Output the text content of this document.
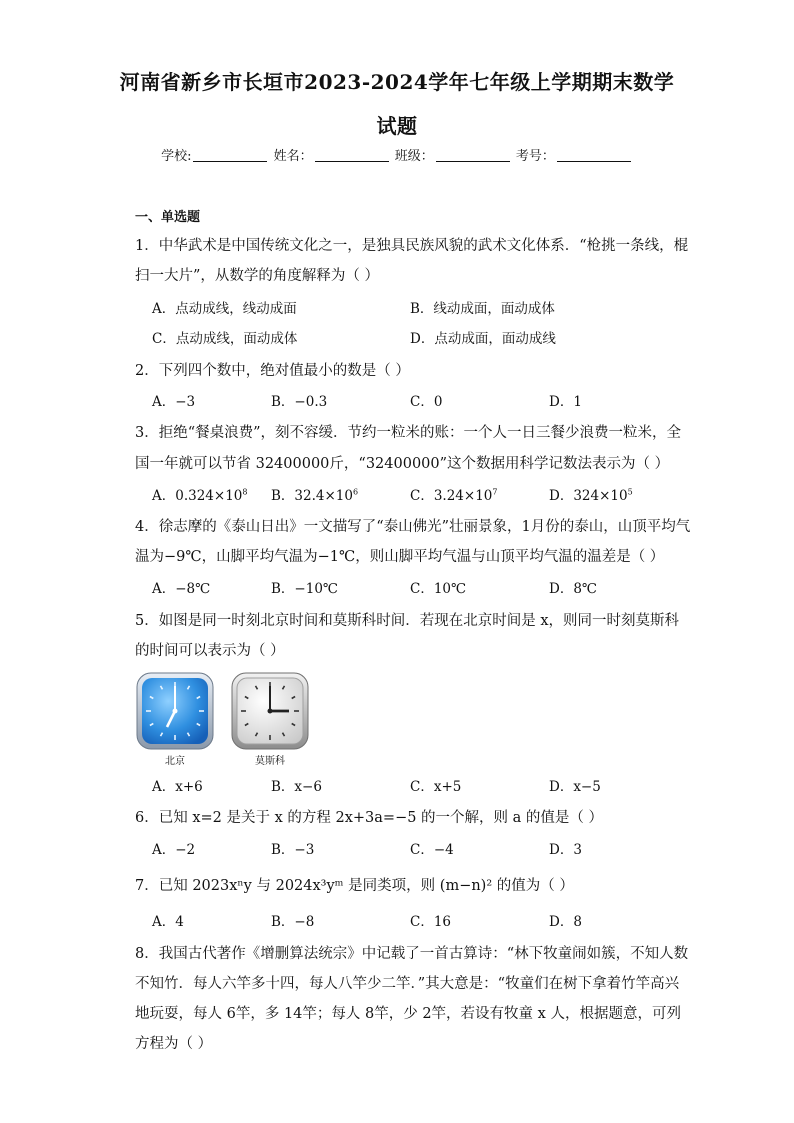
河南省新乡市长垣市2023-2024学年七年级上学期期末数学
试题
学校:	姓名：	班级：	考号：
一、单选题
1．中华武术是中国传统文化之一，是独具民族风貌的武术文化体系．“枪挑一条线，棍
扫一大片”，从数学的角度解释为（ ）
A．点动成线，线动成面	B．线动成面，面动成体
C．点动成线，面动成体	D．点动成面，面动成线
2．下列四个数中，绝对值最小的数是（ ）
A．−3	B．−0.3	C．0	D．1
3．拒绝“餐桌浪费”，刻不容缓．节约一粒米的账：一个人一日三餐少浪费一粒米，全
国一年就可以节省 32400000斤，“32400000”这个数据用科学记数法表示为（ ）
A．$0.324\times 10^8$ B．$32.4\times 10^6$	C．$3.24\times 10^7$	D．$324\times 10^5$
4．徐志摩的《泰山日出》一文描写了“泰山佛光”壮丽景象，1月份的泰山，山顶平均气
温为−9℃，山脚平均气温为−1℃，则山脚平均气温与山顶平均气温的温差是（ ）
A．−8℃	B．−10℃	C．10℃	D．8℃
5．如图是同一时刻北京时间和莫斯科时间．若现在北京时间是 x，则同一时刻莫斯科
的时间可以表示为（ ）
北京	莫斯科
A．x+6	B．x−6	C．x+5	D．x−5
6．已知 x=2 是关于 x 的方程 2x+3a=−5 的一个解，则 a 的值是（ ）
A．−2	B．−3	C．−4	D．3
7．已知 2023xⁿy 与 2024x³yᵐ 是同类项，则 (m−n)² 的值为（ ）
A．4	B．−8	C．16	D．8
8．我国古代著作《增删算法统宗》中记载了一首古算诗：“林下牧童闹如簇，不知人数
不知竹．每人六竿多十四，每人八竿少二竿．”其大意是：“牧童们在树下拿着竹竿高兴
地玩耍，每人 6竿，多 14竿；每人 8竿，少 2竿，若设有牧童 x 人，根据题意，可列
方程为（ ）
